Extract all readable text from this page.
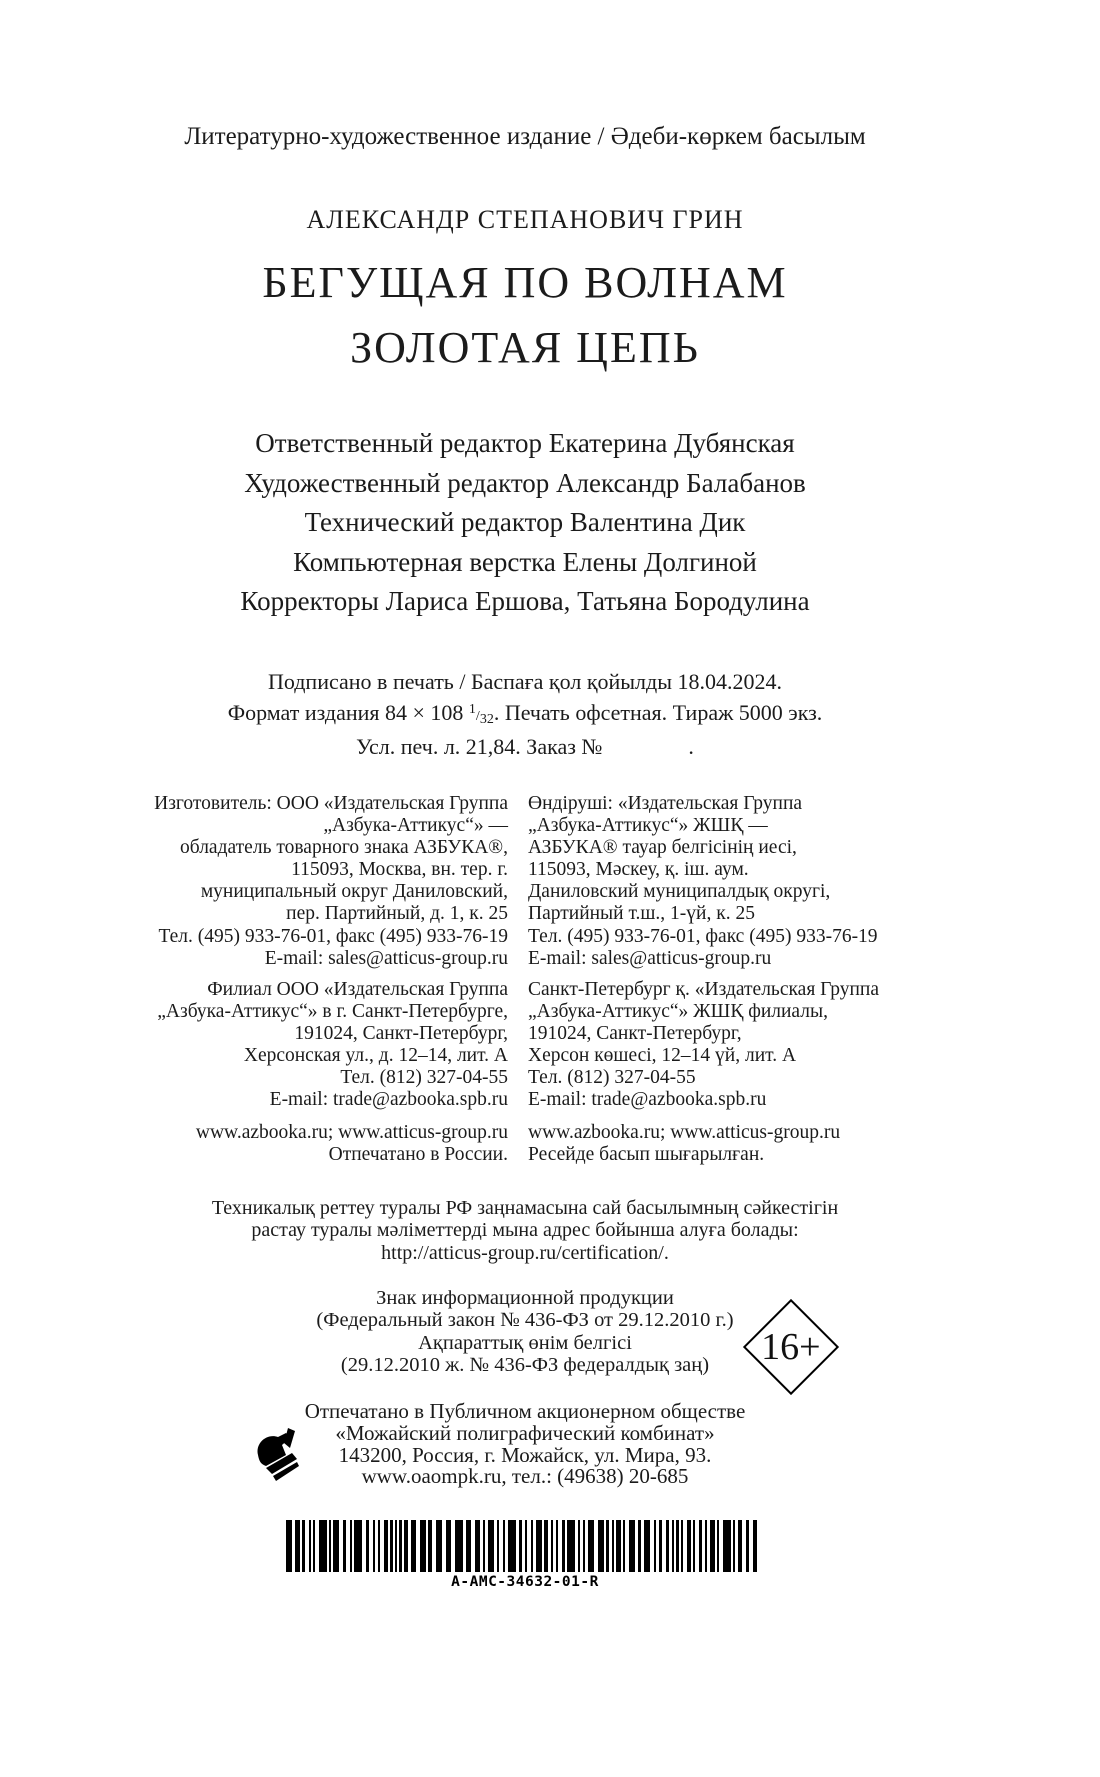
Литературно-художественное издание / Әдеби-көркем басылым
АЛЕКСАНДР СТЕПАНОВИЧ ГРИН
БЕГУЩАЯ ПО ВОЛНАМ
ЗОЛОТАЯ ЦЕПЬ
Ответственный редактор Екатерина Дубянская
Художественный редактор Александр Балабанов
Технический редактор Валентина Дик
Компьютерная верстка Елены Долгиной
Корректоры Лариса Ершова, Татьяна Бородулина
Подписано в печать / Баспаға қол қойылды 18.04.2024.
Формат издания 84 × 108 1/32. Печать офсетная. Тираж 5000 экз.
Усл. печ. л. 21,84. Заказ №	.
Изготовитель: ООО «Издательская Группа
„Азбука-Аттикус“» —
обладатель товарного знака АЗБУКА®,
115093, Москва, вн. тер. г.
муниципальный округ Даниловский,
пер. Партийный, д. 1, к. 25
Тел. (495) 933-76-01, факс (495) 933-76-19
E-mail: sales@atticus-group.ru
Филиал ООО «Издательская Группа
„Азбука-Аттикус“» в г. Санкт-Петербурге,
191024, Санкт-Петербург,
Херсонская ул., д. 12–14, лит. А
Тел. (812) 327-04-55
E-mail: trade@azbooka.spb.ru
www.azbooka.ru; www.atticus-group.ru
Отпечатано в России.
Өндіруші: «Издательская Группа
„Азбука-Аттикус“» ЖШҚ —
АЗБУКА® тауар белгісінің иесі,
115093, Мәскеу, қ. іш. аум.
Даниловский муниципалдық округі,
Партийный т.ш., 1-үй, к. 25
Тел. (495) 933-76-01, факс (495) 933-76-19
E-mail: sales@atticus-group.ru
Санкт-Петербург қ. «Издательская Группа
„Азбука-Аттикус“» ЖШҚ филиалы,
191024, Санкт-Петербург,
Херсон көшесі, 12–14 үй, лит. А
Тел. (812) 327-04-55
E-mail: trade@azbooka.spb.ru
www.azbooka.ru; www.atticus-group.ru
Ресейде басып шығарылған.
Техникалық реттеу туралы РФ заңнамасына сай басылымның сәйкестігін
растау туралы мәліметтерді мына адрес бойынша алуға болады:
http://atticus-group.ru/certification/.
Знак информационной продукции
(Федеральный закон № 436-ФЗ от 29.12.2010 г.)
Ақпараттық өнім белгісі
(29.12.2010 ж. № 436-ФЗ федералдық заң)	16+
Отпечатано в Публичном акционерном обществе
«Можайский полиграфический комбинат»
143200, Россия, г. Можайск, ул. Мира, 93.
www.oaompk.ru, тел.: (49638) 20-685
A-AMC-34632-01-R
